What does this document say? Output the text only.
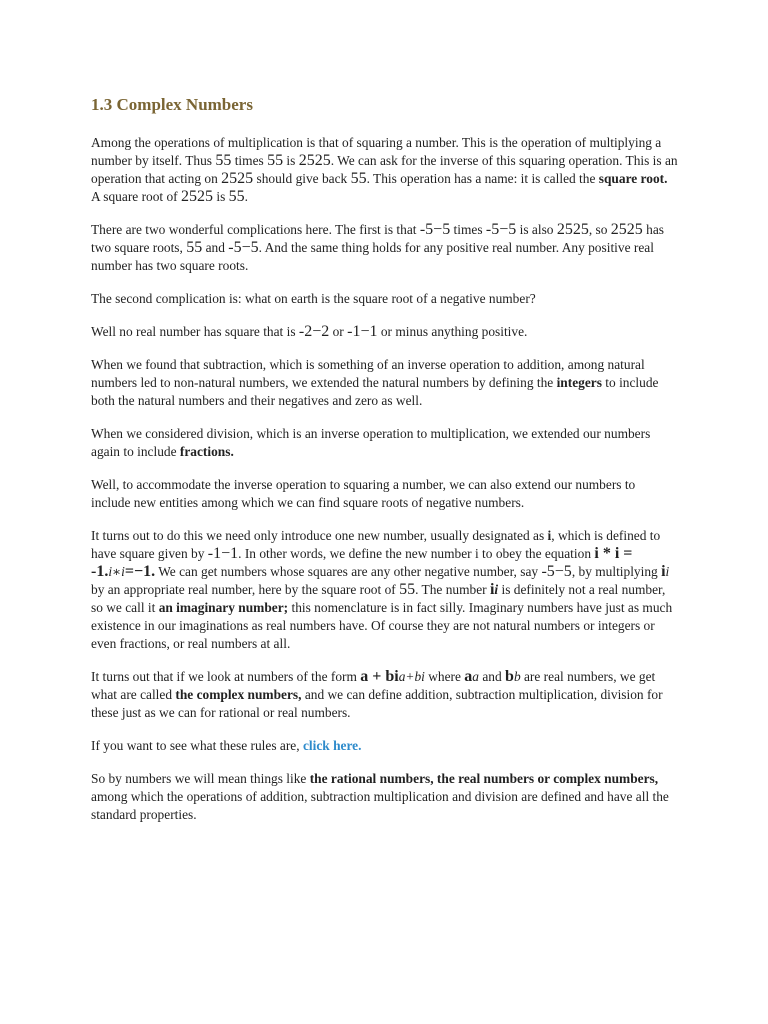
1.3 Complex Numbers

Among the operations of multiplication is that of squaring a number. This is the operation of multiplying a number by itself. Thus 55 times 55 is 2525. We can ask for the inverse of this squaring operation. This is an operation that acting on 2525 should give back 55. This operation has a name: it is called the square root. A square root of 2525 is 55.

There are two wonderful complications here. The first is that -5−5 times -5−5 is also 2525, so 2525 has two square roots, 55 and -5−5. And the same thing holds for any positive real number. Any positive real number has two square roots.

The second complication is: what on earth is the square root of a negative number?

Well no real number has square that is -2−2 or -1−1 or minus anything positive.

When we found that subtraction, which is something of an inverse operation to addition, among natural numbers led to non-natural numbers, we extended the natural numbers by defining the integers to include both the natural numbers and their negatives and zero as well.

When we considered division, which is an inverse operation to multiplication, we extended our numbers again to include fractions.

Well, to accommodate the inverse operation to squaring a number, we can also extend our numbers to include new entities among which we can find square roots of negative numbers.

It turns out to do this we need only introduce one new number, usually designated as i, which is defined to have square given by -1−1. In other words, we define the new number i to obey the equation i * i = -1.i∗i=−1. We can get numbers whose squares are any other negative number, say -5−5, by multiplying ii by an appropriate real number, here by the square root of 55. The number ii is definitely not a real number, so we call it an imaginary number; this nomenclature is in fact silly. Imaginary numbers have just as much existence in our imaginations as real numbers have. Of course they are not natural numbers or integers or even fractions, or real numbers at all.

It turns out that if we look at numbers of the form a + bia+bi where aa and bb are real numbers, we get what are called the complex numbers, and we can define addition, subtraction multiplication, division for these just as we can for rational or real numbers.

If you want to see what these rules are, click here.

So by numbers we will mean things like the rational numbers, the real numbers or complex numbers, among which the operations of addition, subtraction multiplication and division are defined and have all the standard properties.
